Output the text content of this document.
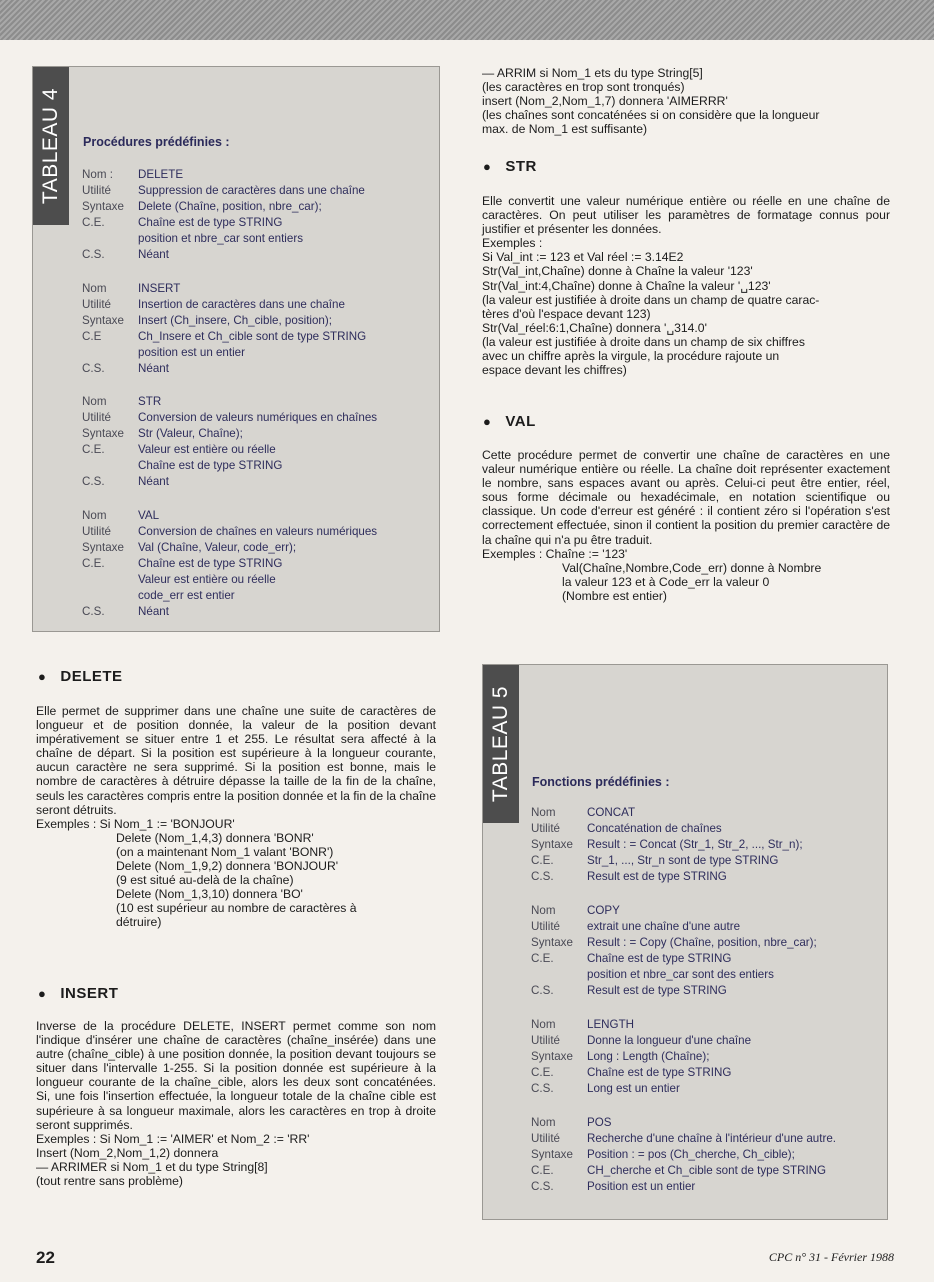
TABLEAU 4 Procédures prédéfinies :
Nom :	DELETE
Utilité	Suppression de caractères dans une chaîne
Syntaxe	Delete (Chaîne, position, nbre_car);
C.E.	Chaîne est de type STRING
position et nbre_car sont entiers
C.S.	Néant
Nom	INSERT
Utilité	Insertion de caractères dans une chaîne
Syntaxe	Insert (Ch_insere, Ch_cible, position);
C.E	Ch_Insere et Ch_cible sont de type STRING
position est un entier
C.S.	Néant
Nom	STR
Utilité	Conversion de valeurs numériques en chaînes
Syntaxe	Str (Valeur, Chaîne);
C.E.	Valeur est entière ou réelle
Chaîne est de type STRING
C.S.	Néant
Nom	VAL
Utilité	Conversion de chaînes en valeurs numériques
Syntaxe	Val (Chaîne, Valeur, code_err);
C.E.	Chaîne est de type STRING
Valeur est entière ou réelle
code_err est entier
C.S.	Néant
● DELETE

Elle permet de supprimer dans une chaîne une suite de caractères de longueur et de position donnée, la valeur de la position devant impérativement se situer entre 1 et 255. Le résultat sera affecté à la chaîne de départ. Si la position est supérieure à la longueur courante, aucun caractère ne sera supprimé. Si la position est bonne, mais le nombre de caractères à détruire dépasse la taille de la fin de la chaîne, seuls les caractères compris entre la position donnée et la fin de la chaîne seront détruits.

Exemples : Si Nom_1 := 'BONJOUR'
Delete (Nom_1,4,3) donnera 'BONR'
(on a maintenant Nom_1 valant 'BONR')
Delete (Nom_1,9,2) donnera 'BONJOUR'
(9 est situé au-delà de la chaîne)
Delete (Nom_1,3,10) donnera 'BO'
(10 est supérieur au nombre de caractères à
détruire)
● INSERT

Inverse de la procédure DELETE, INSERT permet comme son nom l'indique d'insérer une chaîne de caractères (chaîne_insérée) dans une autre (chaîne_cible) à une position donnée, la position devant toujours se situer dans l'intervalle 1-255. Si la position donnée est supérieure à la longueur courante de la chaîne_cible, alors les deux sont concaténées. Si, une fois l'insertion effectuée, la longueur totale de la chaîne cible est supérieure à sa longueur maximale, alors les caractères en trop à droite seront supprimés.

Exemples : Si Nom_1 := 'AIMER' et Nom_2 := 'RR'
Insert (Nom_2,Nom_1,2) donnera
— ARRIMER si Nom_1 et du type String[8]
(tout rentre sans problème)
— ARRIM si Nom_1 ets du type String[5]
(les caractères en trop sont tronqués)
insert (Nom_2,Nom_1,7) donnera 'AIMERRR'
(les chaînes sont concaténées si on considère que la longueur
max. de Nom_1 est suffisante)
● STR

Elle convertit une valeur numérique entière ou réelle en une chaîne de caractères. On peut utiliser les paramètres de formatage connus pour justifier et présenter les données.

Exemples :
Si Val_int := 123 et Val réel := 3.14E2
Str(Val_int,Chaîne) donne à Chaîne la valeur '123'
Str(Val_int:4,Chaîne) donne à Chaîne la valeur '␣123'
(la valeur est justifiée à droite dans un champ de quatre carac-
tères d'où l'espace devant 123)
Str(Val_réel:6:1,Chaîne) donnera '␣314.0'
(la valeur est justifiée à droite dans un champ de six chiffres
avec un chiffre après la virgule, la procédure rajoute un
espace devant les chiffres)
● VAL

Cette procédure permet de convertir une chaîne de caractères en une valeur numérique entière ou réelle. La chaîne doit représenter exactement le nombre, sans espaces avant ou après. Celui-ci peut être entier, réel, sous forme décimale ou hexadécimale, en notation scientifique ou classique. Un code d'erreur est généré : il contient zéro si l'opération s'est correctement effectuée, sinon il contient la position du premier caractère de la chaîne qui n'a pu être traduit.

Exemples : Chaîne := '123'
Val(Chaîne,Nombre,Code_err) donne à Nombre
la valeur 123 et à Code_err la valeur 0
(Nombre est entier)
TABLEAU 5 Fonctions prédéfinies :
Nom	CONCAT
Utilité	Concaténation de chaînes
Syntaxe	Result : = Concat (Str_1, Str_2, ..., Str_n);
C.E.	Str_1, ..., Str_n sont de type STRING
C.S.	Result est de type STRING
Nom	COPY
Utilité	extrait une chaîne d'une autre
Syntaxe	Result : = Copy (Chaîne, position, nbre_car);
C.E.	Chaîne est de type STRING
position et nbre_car sont des entiers
C.S.	Result est de type STRING
Nom	LENGTH
Utilité	Donne la longueur d'une chaîne
Syntaxe	Long : Length (Chaîne);
C.E.	Chaîne est de type STRING
C.S.	Long est un entier
Nom	POS
Utilité	Recherche d'une chaîne à l'intérieur d'une autre.
Syntaxe	Position : = pos (Ch_cherche, Ch_cible);
C.E.	CH_cherche et Ch_cible sont de type STRING
C.S.	Position est un entier
22	CPC n° 31 - Février 1988
